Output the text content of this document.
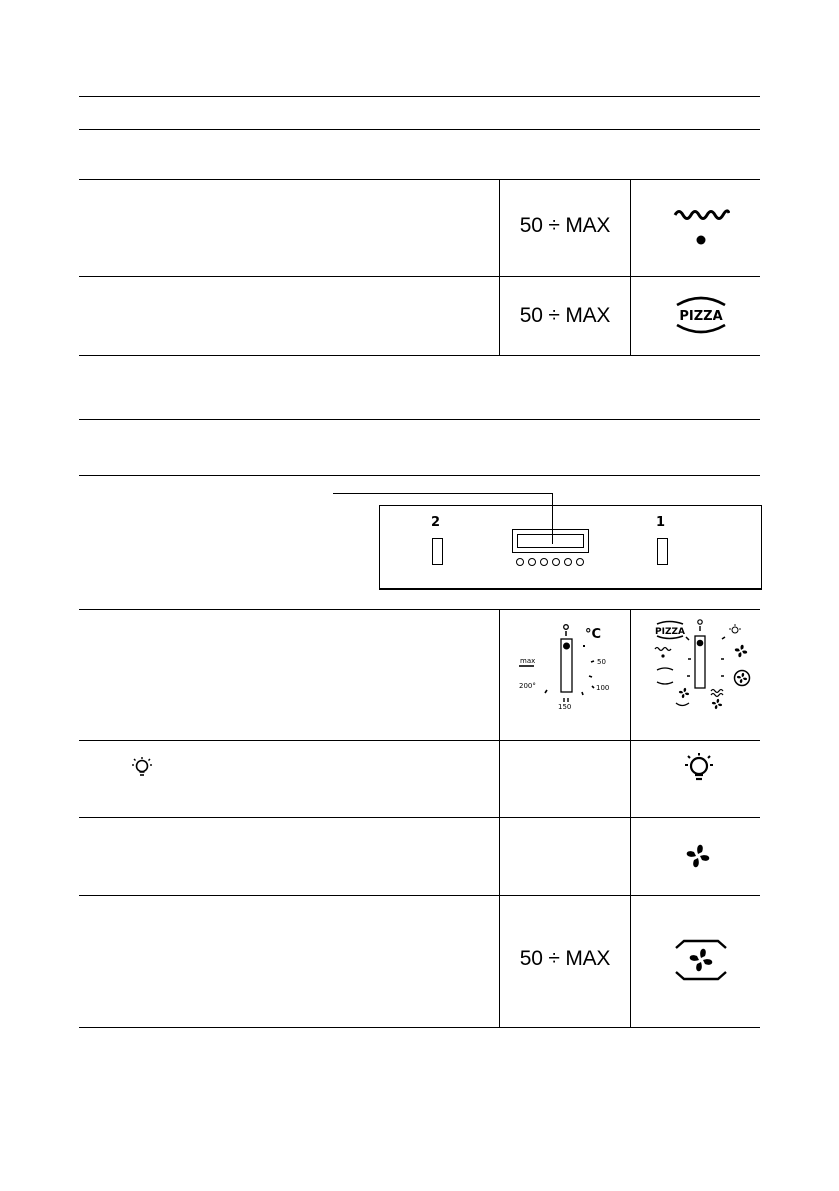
50 ÷ MAX
50 ÷ MAX	PIZZA
2	1
°C
50
100
150
200°
max
PIZZA
50 ÷ MAX
